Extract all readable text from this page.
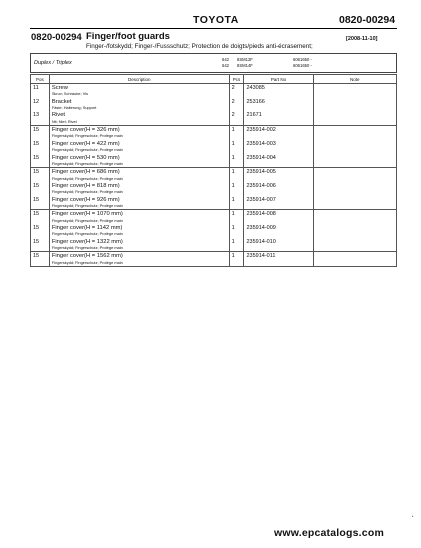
TOYOTA	0820-00294
0820-00294 Finger/foot guards	[2008-11-10]
Finger-/fotskydd; Finger-/Fussschutz; Protection de doigts/pieds anti-écrasement;
Duplex / Triplex
642 8SM12F	6061650 -
642 8SM14F	6061650 -
Pos	Description	Pcs	Part No	Note
11	Screw
Skruv; Schraube; Vis	2	243085	
12	Bracket
Fäste; Halterung; Support	2	253166	
13	Rivet
Nit; Niet; Rivet	2	21671	
15	Finger cover(H = 326 mm)
Fingerskydd; Fingerschutz; Protège main	1	235914-002	
15	Finger cover(H = 422 mm)
Fingerskydd; Fingerschutz; Protège main	1	235914-003	
15	Finger cover(H = 530 mm)
Fingerskydd; Fingerschutz; Protège main	1	235914-004	
15	Finger cover(H = 686 mm)
Fingerskydd; Fingerschutz; Protège main	1	235914-005	
15	Finger cover(H = 818 mm)
Fingerskydd; Fingerschutz; Protège main	1	235914-006	
15	Finger cover(H = 926 mm)
Fingerskydd; Fingerschutz; Protège main	1	235914-007	
15	Finger cover(H = 1070 mm)
Fingerskydd; Fingerschutz; Protège main	1	235914-008	
15	Finger cover(H = 1142 mm)
Fingerskydd; Fingerschutz; Protège main	1	235914-009	
15	Finger cover(H = 1322 mm)
Fingerskydd; Fingerschutz; Protège main	1	235914-010	
15	Finger cover(H = 1562 mm)
Fingerskydd; Fingerschutz; Protège main	1	235914-011	
www.epcatalogs.com
‧
